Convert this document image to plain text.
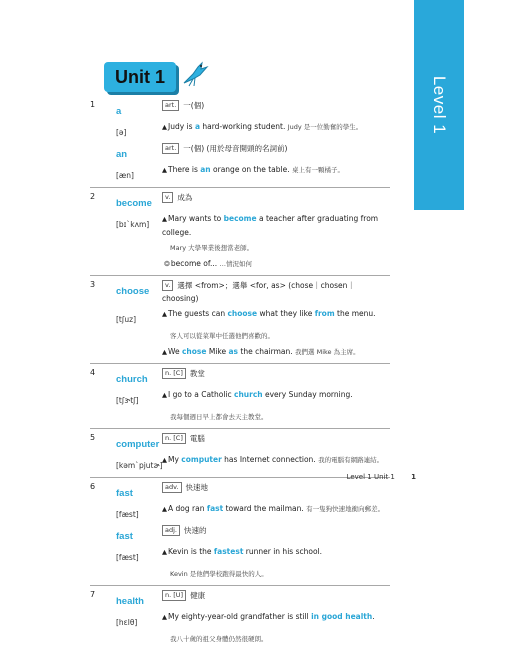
Level 1
Unit 1
1
a
art. 一(個)
[ə]
▲Judy is a hard-working student. Judy 是一位勤奮的學生。
an
art. 一(個) (用於母音開頭的名詞前)
[æn]
▲There is an orange on the table. 桌上有一顆橘子。
2
become
v. 成為
[bɪˋkʌm]
▲Mary wants to become a teacher after graduating from college.
Mary 大學畢業後想當老師。
❂become of... …情況如何
3
choose
v. 選擇 <from>；選舉 <for, as> (chose｜chosen｜choosing)
[tʃuz]
▲The guests can choose what they like from the menu.
客人可以從菜單中任選他們喜歡的。
▲We chose Mike as the chairman. 我們選 Mike 為主席。
4
church
n. [C] 教堂
[tʃɝtʃ]
▲I go to a Catholic church every Sunday morning.
我每個週日早上都會去天主教堂。
5
computer
n. [C] 電腦
[kəmˋpjutɚ]
▲My computer has Internet connection. 我的電腦有網路連結。
6
fast
adv. 快速地
[fæst]
▲A dog ran fast toward the mailman. 有一隻狗快速地衝向郵差。
fast
adj. 快速的
[fæst]
▲Kevin is the fastest runner in his school.
Kevin 是他們學校跑得最快的人。
7
health
n. [U] 健康
[hɛlθ]
▲My eighty-year-old grandfather is still in good health.
我八十歲的祖父身體仍然很硬朗。
Level 1 Unit 1 1
